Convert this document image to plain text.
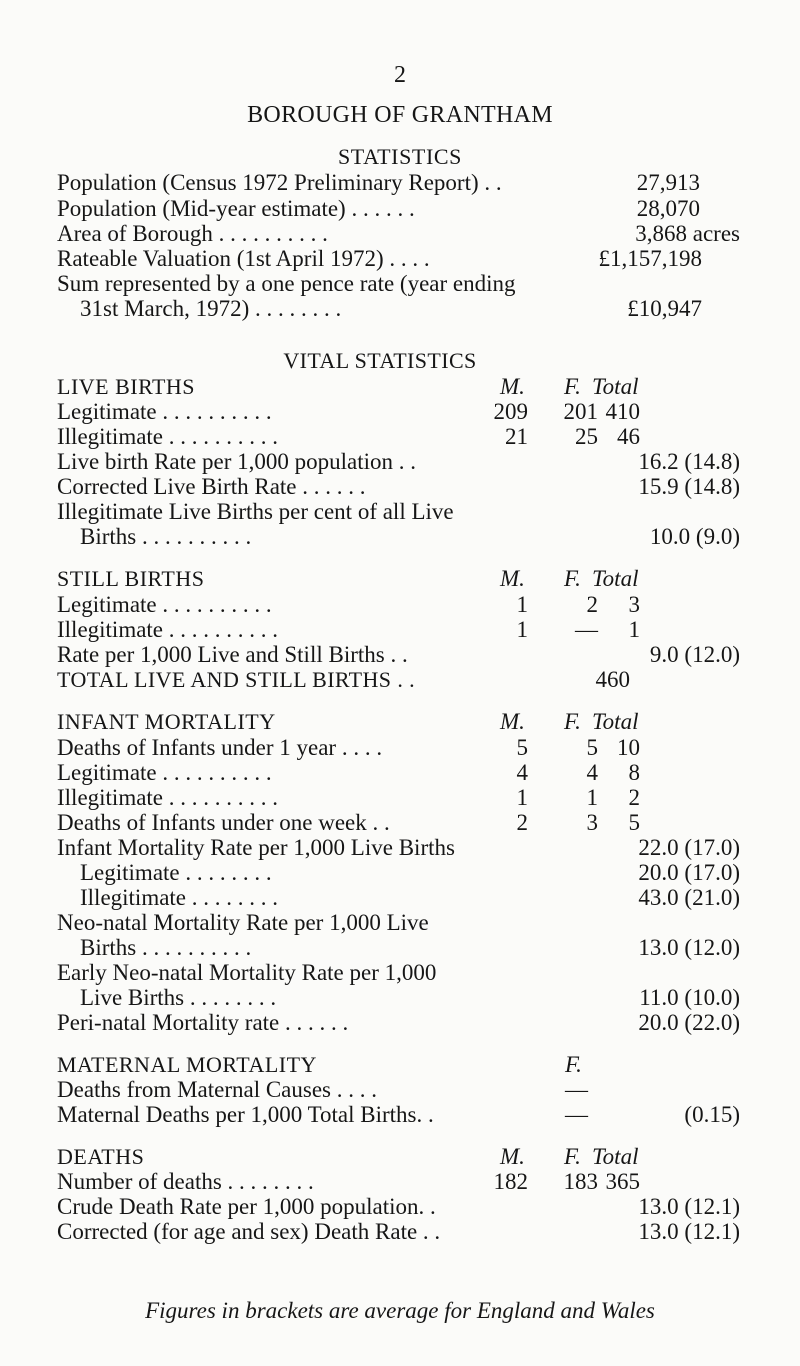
2
BOROUGH OF GRANTHAM
STATISTICS
Population (Census 1972 Preliminary Report) . .	27,913
Population (Mid-year estimate) . . . . . .	28,070
Area of Borough . . . . . . . . . .	3,868 acres
Rateable Valuation (1st April 1972) . . . .	£1,157,198
Sum represented by a one pence rate (year ending
31st March, 1972) . . . . . . . .	£10,947
VITAL STATISTICS
LIVE BIRTHS	M. F. Total
Legitimate . . . . . . . . . .	209	201 410
Illegitimate . . . . . . . . . .	21	25 46
Live birth Rate per 1,000 population . .	16.2 (14.8)
Corrected Live Birth Rate . . . . . .	15.9 (14.8)
Illegitimate Live Births per cent of all Live
Births . . . . . . . . . .	10.0 (9.0)
STILL BIRTHS	M. F. Total
Legitimate . . . . . . . . . .	1	2	3
Illegitimate . . . . . . . . . .	1	—	1
Rate per 1,000 Live and Still Births . .	9.0 (12.0)
TOTAL LIVE AND STILL BIRTHS . .	460
INFANT MORTALITY	M. F. Total
Deaths of Infants under 1 year . . . .	5	5 10
Legitimate . . . . . . . . . .	4	4	8
Illegitimate . . . . . . . . . .	1	1	2
Deaths of Infants under one week . .	2	3	5
Infant Mortality Rate per 1,000 Live Births	22.0 (17.0)
Legitimate . . . . . . . .	20.0 (17.0)
Illegitimate . . . . . . . .	43.0 (21.0)
Neo-natal Mortality Rate per 1,000 Live
Births . . . . . . . . . .	13.0 (12.0)
Early Neo-natal Mortality Rate per 1,000
Live Births . . . . . . . .	11.0 (10.0)
Peri-natal Mortality rate . . . . . .	20.0 (22.0)
MATERNAL MORTALITY	F.
Deaths from Maternal Causes . . . .	—
Maternal Deaths per 1,000 Total Births. .	—	(0.15)
DEATHS	M. F. Total
Number of deaths . . . . . . . .	182	183 365
Crude Death Rate per 1,000 population. .	13.0 (12.1)
Corrected (for age and sex) Death Rate . .	13.0 (12.1)
Figures in brackets are average for England and Wales
